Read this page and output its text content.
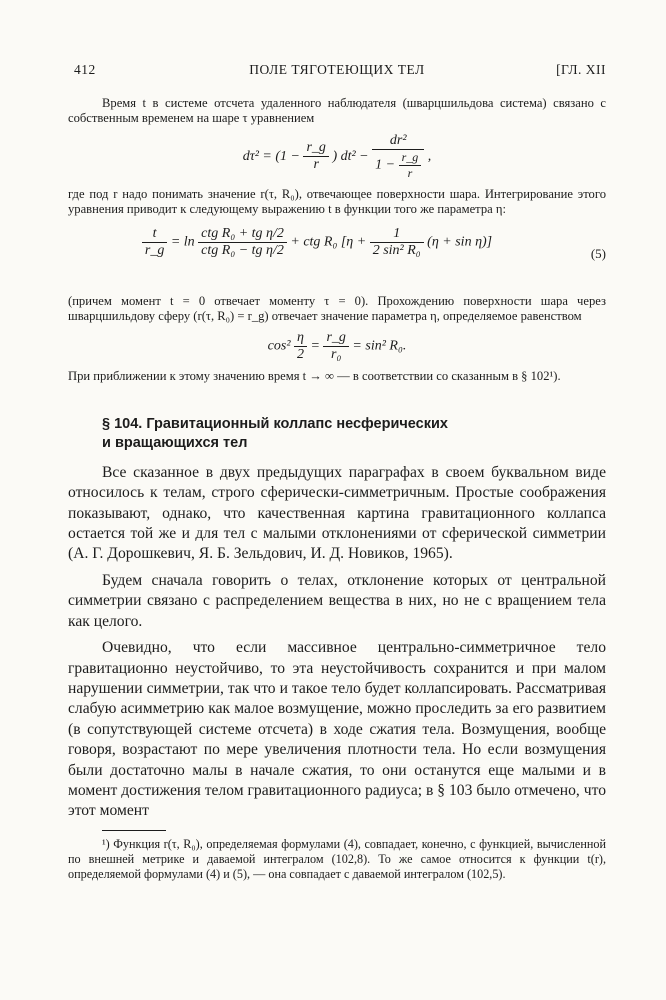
412	ПОЛЕ ТЯГОТЕЮЩИХ ТЕЛ	[ГЛ. XII
Время t в системе отсчета удаленного наблюдателя (шварцшильдова система) связано с собственным временем на шаре τ уравнением
$d\tau^2 = (1 - \frac{r\_g}{r}$ ) $dt^2 - \frac{\text{dr²}}{1 - \frac{r\_g}{r}}$ ,
где под r надо понимать значение r(τ, R₀), отвечающее поверхности шара. Интегрирование этого уравнения приводит к следующему выражению t в функции того же параметра η:
$\frac{t}{r\_g} = \ln \frac{\text{ctg R₀ + tg η/2}}{\text{ctg R₀ − tg η/2}}$ + ctg R₀ $[\eta + \frac{1}{\text{2 sin² R₀}} (\eta + \sin \eta)]$
(5)
(причем момент t = 0 отвечает моменту τ = 0). Прохождению поверхности шара через шварцшильдову сферу (r(τ, R₀) = r_g) отвечает значение параметра η, определяемое равенством
$\cos^2 \frac{\eta}{2} = \frac{r\_g}{\text{r₀}} = \sin^2$ R₀.
При приближении к этому значению время t → ∞ — в соответствии со сказанным в § 102¹).
§ 104. Гравитационный коллапс несферических
и вращающихся тел

Все сказанное в двух предыдущих параграфах в своем буквальном виде относилось к телам, строго сферически-симметричным. Простые соображения показывают, однако, что качественная картина гравитационного коллапса остается той же и для тел с малыми отклонениями от сферической симметрии (А. Г. Дорошкевич, Я. Б. Зельдович, И. Д. Новиков, 1965).

Будем сначала говорить о телах, отклонение которых от центральной симметрии связано с распределением вещества в них, но не с вращением тела как целого.

Очевидно, что если массивное центрально-симметричное тело гравитационно неустойчиво, то эта неустойчивость сохранится и при малом нарушении симметрии, так что и такое тело будет коллапсировать. Рассматривая слабую асимметрию как малое возмущение, можно проследить за его развитием (в сопутствующей системе отсчета) в ходе сжатия тела. Возмущения, вообще говоря, возрастают по мере увеличения плотности тела. Но если возмущения были достаточно малы в начале сжатия, то они останутся еще малыми и в момент достижения телом гравитационного радиуса; в § 103 было отмечено, что этот момент

¹) Функция r(τ, R₀), определяемая формулами (4), совпадает, конечно, с функцией, вычисленной по внешней метрике и даваемой интегралом (102,8). То же самое относится к функции t(r), определяемой формулами (4) и (5), — она совпадает с даваемой интегралом (102,5).
